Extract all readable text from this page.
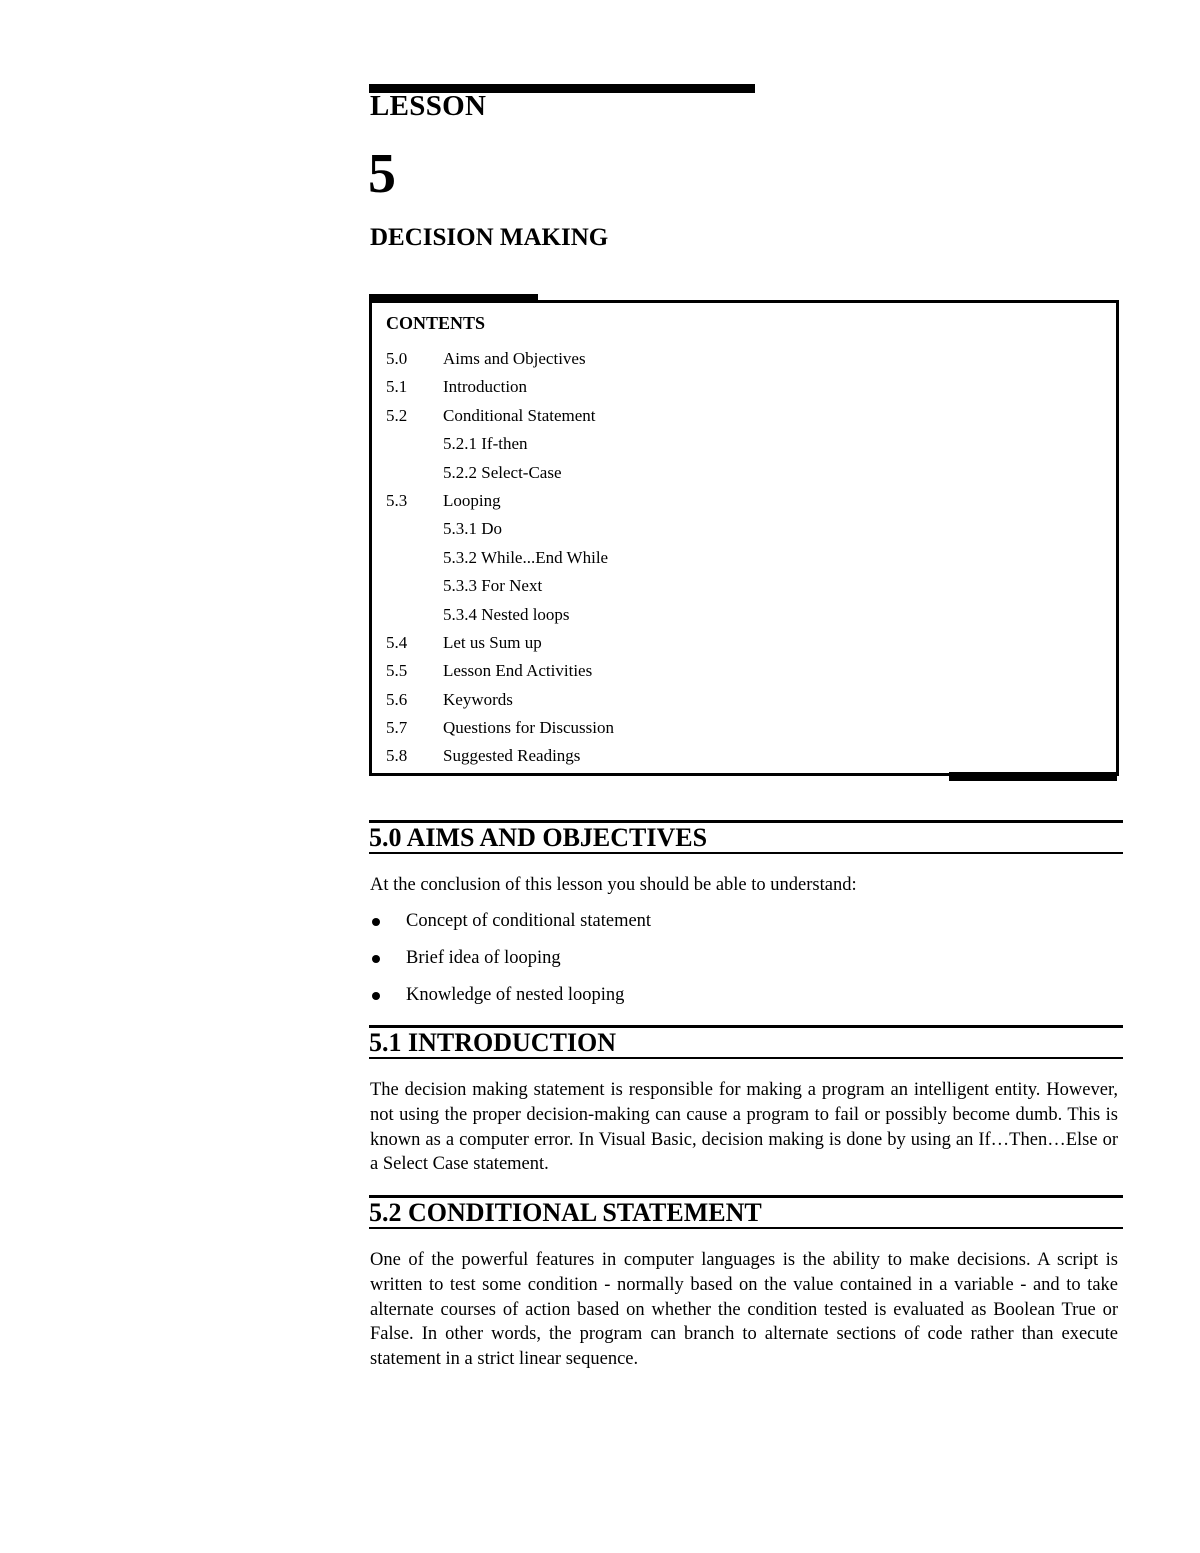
LESSON
5
DECISION MAKING
CONTENTS
5.0 Aims and Objectives
5.1 Introduction
5.2 Conditional Statement
5.2.1 If-then
5.2.2 Select-Case
5.3 Looping
5.3.1 Do
5.3.2 While...End While
5.3.3 For Next
5.3.4 Nested loops
5.4 Let us Sum up
5.5 Lesson End Activities
5.6 Keywords
5.7 Questions for Discussion
5.8 Suggested Readings
5.0 AIMS AND OBJECTIVES

At the conclusion of this lesson you should be able to understand:

Concept of conditional statement
Brief idea of looping
Knowledge of nested looping
5.1 INTRODUCTION

The decision making statement is responsible for making a program an intelligent entity. However, not using the proper decision-making can cause a program to fail or possibly become dumb. This is known as a computer error. In Visual Basic, decision making is done by using an If…Then…Else or a Select Case statement.

5.2 CONDITIONAL STATEMENT

One of the powerful features in computer languages is the ability to make decisions. A script is written to test some condition - normally based on the value contained in a variable - and to take alternate courses of action based on whether the condition tested is evaluated as Boolean True or False. In other words, the program can branch to alternate sections of code rather than execute statement in a strict linear sequence.
